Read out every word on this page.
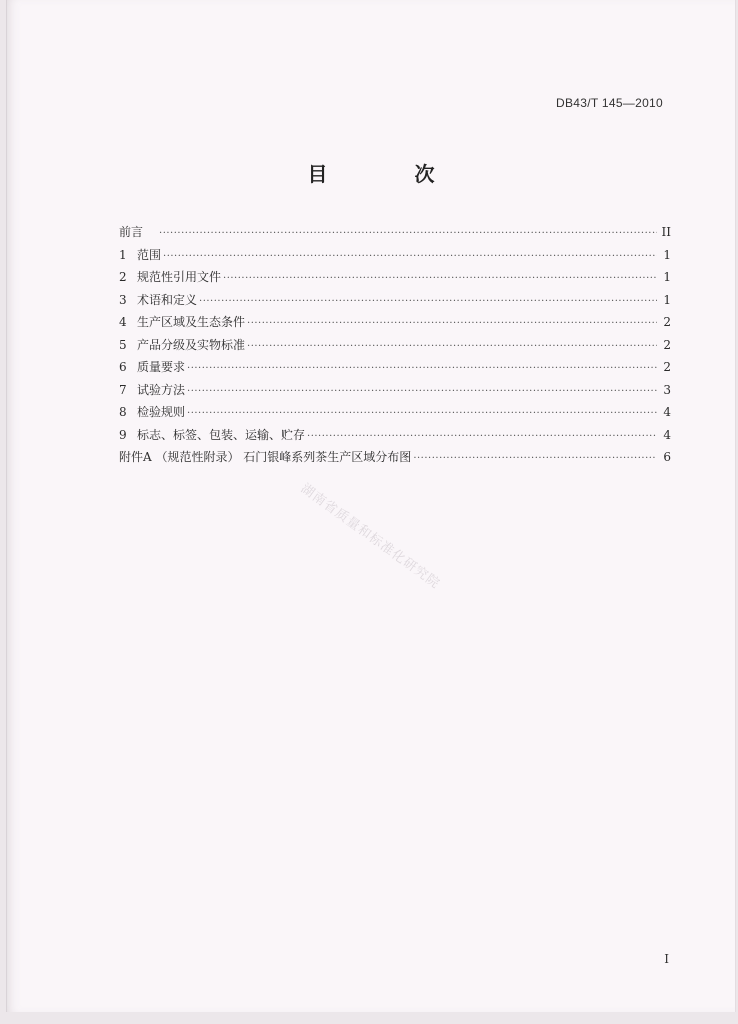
DB43/T 145—2010
目 次
前言 ·····	II
1 范围 ·····	1
2 规范性引用文件 ·····	1
3 术语和定义 ·····	1
4 生产区域及生态条件 ·····	2
5 产品分级及实物标准 ·····	2
6 质量要求 ·····	2
7 试验方法 ·····	3
8 检验规则 ·····	4
9 标志、标签、包装、运输、贮存 ·····	4
附件A （规范性附录） 石门银峰系列茶生产区域分布图 ·····	6
湖南省质量和标准化研究院
I
